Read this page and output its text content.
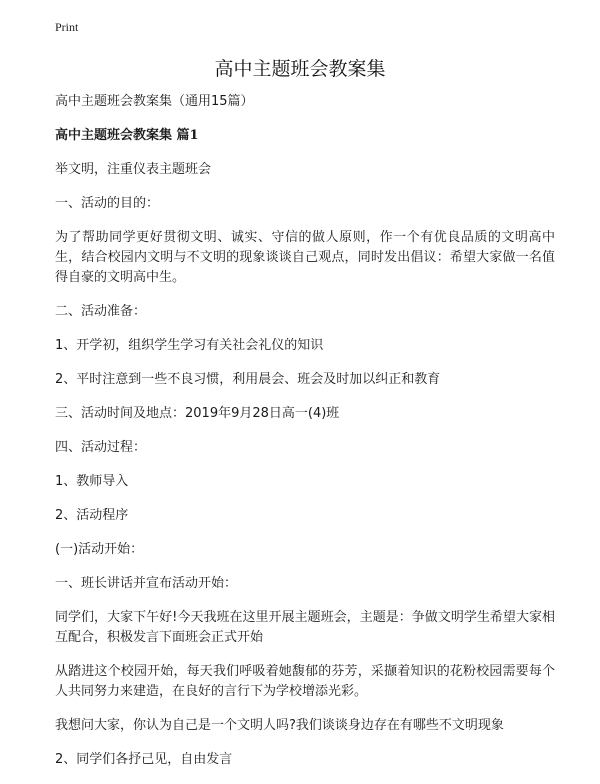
Print
高中主题班会教案集

高中主题班会教案集（通用15篇）

高中主题班会教案集 篇1

举文明，注重仪表主题班会

一、活动的目的：

为了帮助同学更好贯彻文明、诚实、守信的做人原则，作一个有优良品质的文明高中生，结合校园内文明与不文明的现象谈谈自己观点，同时发出倡议：希望大家做一名值得自豪的文明高中生。

二、活动准备：

1、开学初，组织学生学习有关社会礼仪的知识

2、平时注意到一些不良习惯，利用晨会、班会及时加以纠正和教育

三、活动时间及地点：2019年9月28日高一(4)班

四、活动过程：

1、教师导入

2、活动程序

(一)活动开始：

一、班长讲话并宣布活动开始：

同学们，大家下午好!今天我班在这里开展主题班会，主题是：争做文明学生希望大家相互配合，积极发言下面班会正式开始

从踏进这个校园开始，每天我们呼吸着她馥郁的芬芳，采撷着知识的花粉校园需要每个人共同努力来建造，在良好的言行下为学校增添光彩。

我想问大家，你认为自己是一个文明人吗?我们谈谈身边存在有哪些不文明现象

2、同学们各抒己见，自由发言
